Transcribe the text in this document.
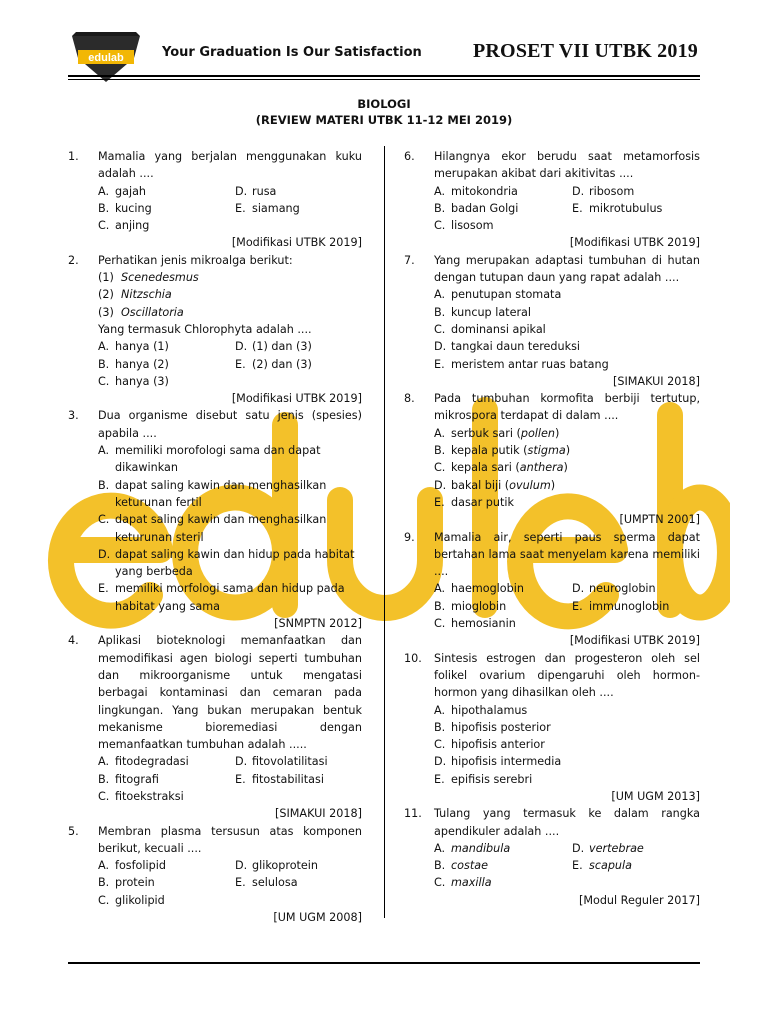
edulab	Your Graduation Is Our Satisfaction	PROSET VII UTBK 2019
BIOLOGI
(REVIEW MATERI UTBK 11-12 MEI 2019)
1. Mamalia yang berjalan menggunakan kuku adalah ....
A. gajah	D. rusa
B. kucing	E. siamang
C. anjing
[Modifikasi UTBK 2019]
2. Perhatikan jenis mikroalga berikut:
(1) Scenedesmus
(2) Nitzschia
(3) Oscillatoria
Yang termasuk Chlorophyta adalah ....
A. hanya (1)	D. (1) dan (3)
B. hanya (2)	E. (2) dan (3)
C. hanya (3)
[Modifikasi UTBK 2019]
3. Dua organisme disebut satu jenis (spesies) apabila ....
A. memiliki morofologi sama dan dapat dikawinkan
B. dapat saling kawin dan menghasilkan keturunan fertil
C. dapat saling kawin dan menghasilkan keturunan steril
D. dapat saling kawin dan hidup pada habitat yang berbeda
E. memiliki morfologi sama dan hidup pada habitat yang sama
[SNMPTN 2012]
4. Aplikasi bioteknologi memanfaatkan dan memodifikasi agen biologi seperti tumbuhan dan mikroorganisme untuk mengatasi berbagai kontaminasi dan cemaran pada lingkungan. Yang bukan merupakan bentuk mekanisme bioremediasi dengan memanfaatkan tumbuhan adalah .....
A. fitodegradasi	D. fitovolatilitasi
B. fitografi	E. fitostabilitasi
C. fitoekstraksi
[SIMAKUI 2018]
5. Membran plasma tersusun atas komponen berikut, kecuali ....
A. fosfolipid	D. glikoprotein
B. protein	E. selulosa
C. glikolipid
[UM UGM 2008]
6. Hilangnya ekor berudu saat metamorfosis merupakan akibat dari akitivitas ....
A. mitokondria	D. ribosom
B. badan Golgi	E. mikrotubulus
C. lisosom
[Modifikasi UTBK 2019]
7. Yang merupakan adaptasi tumbuhan di hutan dengan tutupan daun yang rapat adalah ....
A. penutupan stomata
B. kuncup lateral
C. dominansi apikal
D. tangkai daun tereduksi
E. meristem antar ruas batang
[SIMAKUI 2018]
8. Pada tumbuhan kormofita berbiji tertutup, mikrospora terdapat di dalam ....
A. serbuk sari (pollen)
B. kepala putik (stigma)
C. kepala sari (anthera)
D. bakal biji (ovulum)
E. dasar putik
[UMPTN 2001]
9. Mamalia air, seperti paus sperma dapat bertahan lama saat menyelam karena memiliki ....
A. haemoglobin	D. neuroglobin
B. mioglobin	E. immunoglobin
C. hemosianin
[Modifikasi UTBK 2019]
10. Sintesis estrogen dan progesteron oleh sel folikel ovarium dipengaruhi oleh hormon-hormon yang dihasilkan oleh ....
A. hipothalamus
B. hipofisis posterior
C. hipofisis anterior
D. hipofisis intermedia
E. epifisis serebri
[UM UGM 2013]
11. Tulang yang termasuk ke dalam rangka apendikuler adalah ....
A. mandibula	D. vertebrae
B. costae	E. scapula
C. maxilla
[Modul Reguler 2017]
